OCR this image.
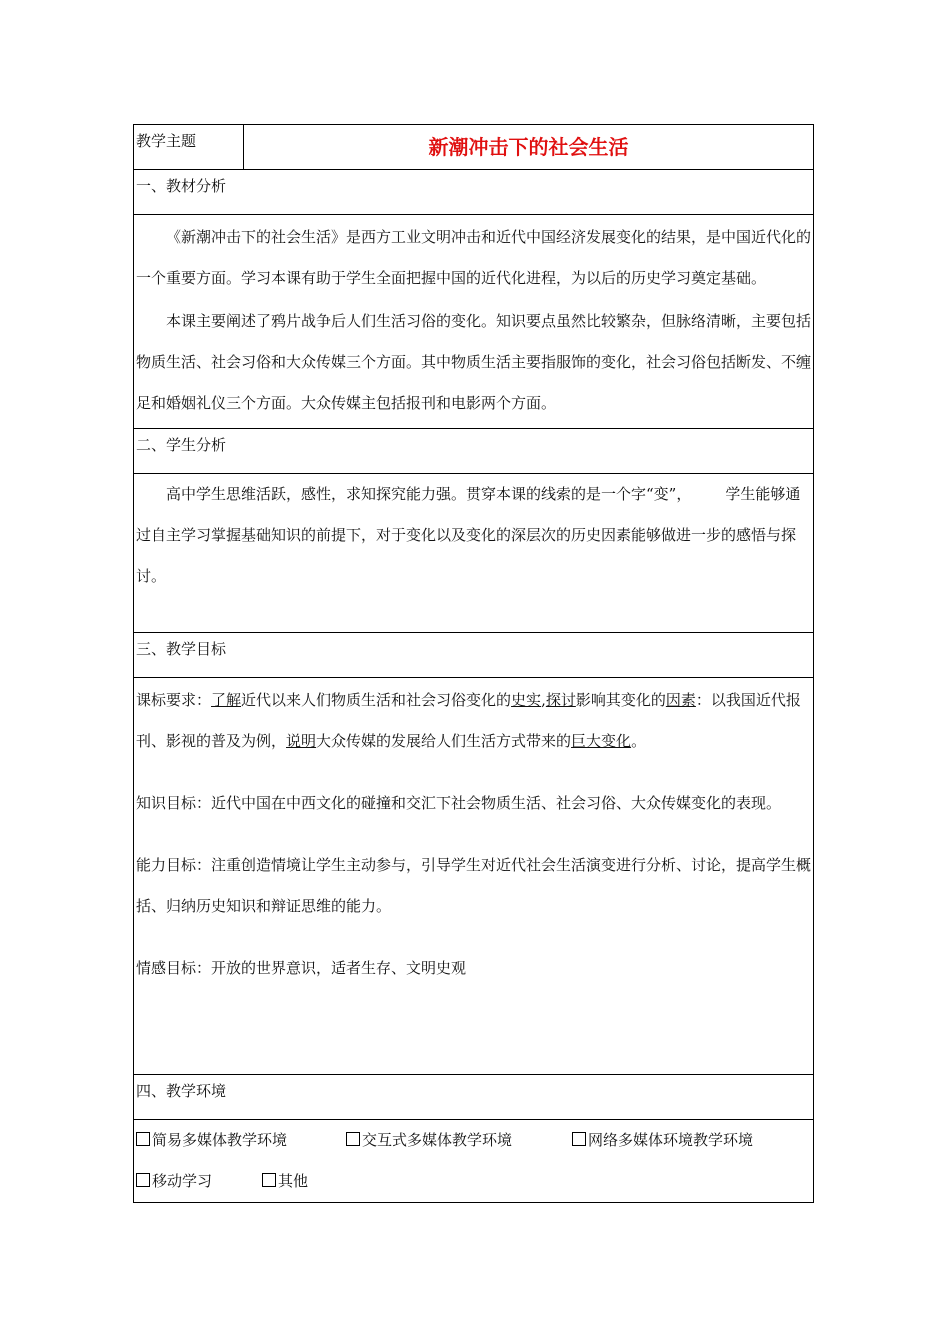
教学主题	新潮冲击下的社会生活
一、教材分析

《新潮冲击下的社会生活》是西方工业文明冲击和近代中国经济发展变化的结果，是中国近代化的一个重要方面。学习本课有助于学生全面把握中国的近代化进程，为以后的历史学习奠定基础。

本课主要阐述了鸦片战争后人们生活习俗的变化。知识要点虽然比较繁杂，但脉络清晰，主要包括物质生活、社会习俗和大众传媒三个方面。其中物质生活主要指服饰的变化，社会习俗包括断发、不缠足和婚姻礼仪三个方面。大众传媒主包括报刊和电影两个方面。

二、学生分析

高中学生思维活跃，感性，求知探究能力强。贯穿本课的线索的是一个字“变”， 学生能够通过自主学习掌握基础知识的前提下，对于变化以及变化的深层次的历史因素能够做进一步的感悟与探讨。

三、教学目标

课标要求：了解近代以来人们物质生活和社会习俗变化的史实,探讨影响其变化的因素：以我国近代报刊、影视的普及为例，说明大众传媒的发展给人们生活方式带来的巨大变化。

知识目标：近代中国在中西文化的碰撞和交汇下社会物质生活、社会习俗、大众传媒变化的表现。

能力目标：注重创造情境让学生主动参与，引导学生对近代社会生活演变进行分析、讨论，提高学生概括、归纳历史知识和辩证思维的能力。

情感目标：开放的世界意识，适者生存、文明史观

四、教学环境

简易多媒体教学环境	交互式多媒体教学环境	网络多媒体环境教学环境

移动学习	其他
